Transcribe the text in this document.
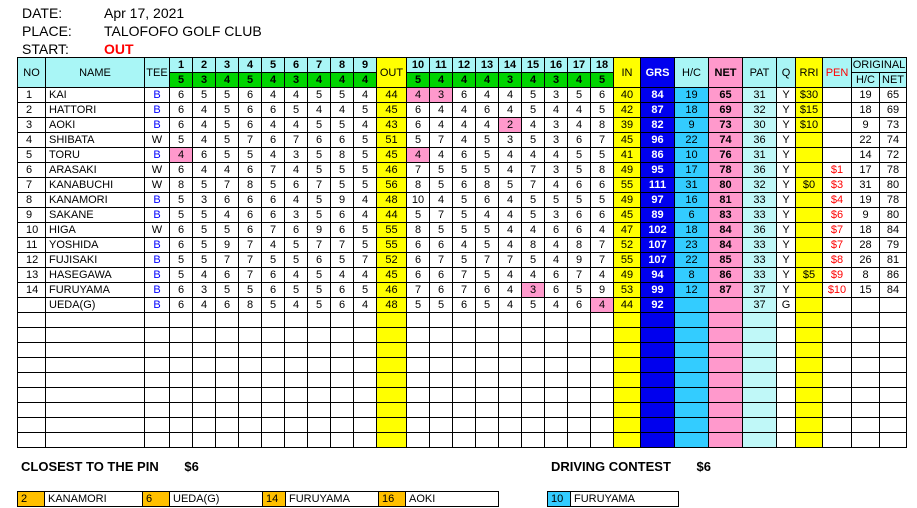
DATE:	Apr 17, 2021
PLACE: TALOFOFO GOLF CLUB
START:	OUT
NO	NAME	TEE	1	2	3	4	5	6	7	8	9	OUT	10	11	12	13	14	15	16	17	18	IN	GRS	H/C	NET	PAT	Q	RRI	PEN	ORIGINAL	
			5	3	4	5	4	3	4	4	4		5	4	4	4	3	4	3	4	5									H/C	NET
1	KAI	B	6	5	5	6	4	4	5	5	4	44	4	3	6	4	4	5	3	5	6	40	84	19	65	31	Y	$30		19	65
2	HATTORI	B	6	4	5	6	6	5	4	4	5	45	6	4	4	6	4	5	4	4	5	42	87	18	69	32	Y	$15		18	69
3	AOKI	B	6	4	5	6	4	4	5	5	4	43	6	4	4	4	2	4	3	4	8	39	82	9	73	30	Y	$10		9	73
4	SHIBATA	W	5	4	5	7	6	7	6	6	5	51	5	7	4	5	3	5	3	6	7	45	96	22	74	36	Y			22	74
5	TORU	B	4	6	5	5	4	3	5	8	5	45	4	4	6	5	4	4	4	5	5	41	86	10	76	31	Y			14	72
6	ARASAKI	W	6	4	4	6	7	4	5	5	5	46	7	5	5	5	4	7	3	5	8	49	95	17	78	36	Y		$1	17	78
7	KANABUCHI	W	8	5	7	8	5	6	7	5	5	56	8	5	6	8	5	7	4	6	6	55	111	31	80	32	Y	$0	$3	31	80
8	KANAMORI	B	5	3	6	6	6	4	5	9	4	48	10	4	5	6	4	5	5	5	5	49	97	16	81	33	Y		$4	19	78
9	SAKANE	B	5	5	4	6	6	3	5	6	4	44	5	7	5	4	4	5	3	6	6	45	89	6	83	33	Y		$6	9	80
10	HIGA	W	6	5	5	6	7	6	9	6	5	55	8	5	5	5	4	4	6	6	4	47	102	18	84	36	Y		$7	18	84
11	YOSHIDA	B	6	5	9	7	4	5	7	7	5	55	6	6	4	5	4	8	4	8	7	52	107	23	84	33	Y		$7	28	79
12	FUJISAKI	B	5	5	7	7	5	5	6	5	7	52	6	7	5	7	7	5	4	9	7	55	107	22	85	33	Y		$8	26	81
13	HASEGAWA	B	5	4	6	7	6	4	5	4	4	45	6	6	7	5	4	4	6	7	4	49	94	8	86	33	Y	$5	$9	8	86
14	FURUYAMA	B	6	3	5	5	6	5	5	6	5	46	7	6	7	6	4	3	6	5	9	53	99	12	87	37	Y		$10	15	84
	UEDA(G)	B	6	4	6	8	5	4	5	6	4	48	5	5	6	5	4	5	4	6	4	44	92			37	G				

CLOSEST TO THE PIN $6	DRIVING CONTEST $6
2	KANAMORI	6	UEDA(G)	14	FURUYAMA	16	AOKI	10	FURUYAMA
